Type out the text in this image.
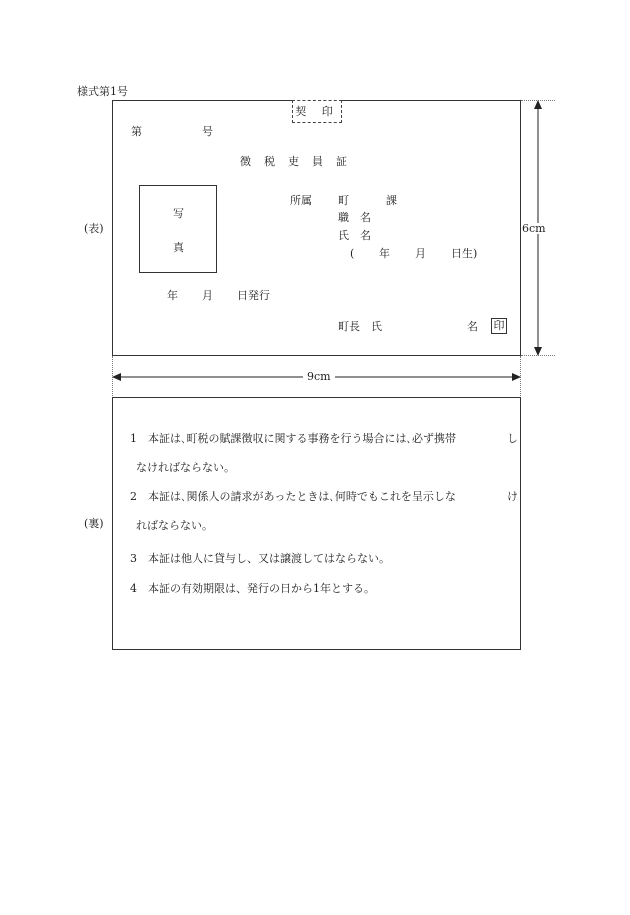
様式第1号
(表)
(裏)
6cm
9cm
契 印
第	号
徴　税　吏　員　証
写
真
所属 町	課
職　名
氏　名
( 年 月 日生)
年 月 日発行
町長　氏	名 印
1　本証は､町税の賦課徴収に関する事務を行う場合には､必ず携帯	し
なければならない。
2　本証は､関係人の請求があったときは､何時でもこれを呈示しな	け
ればならない。
3　本証は他人に貸与し、又は譲渡してはならない。
4　本証の有効期限は、発行の日から1年とする。
